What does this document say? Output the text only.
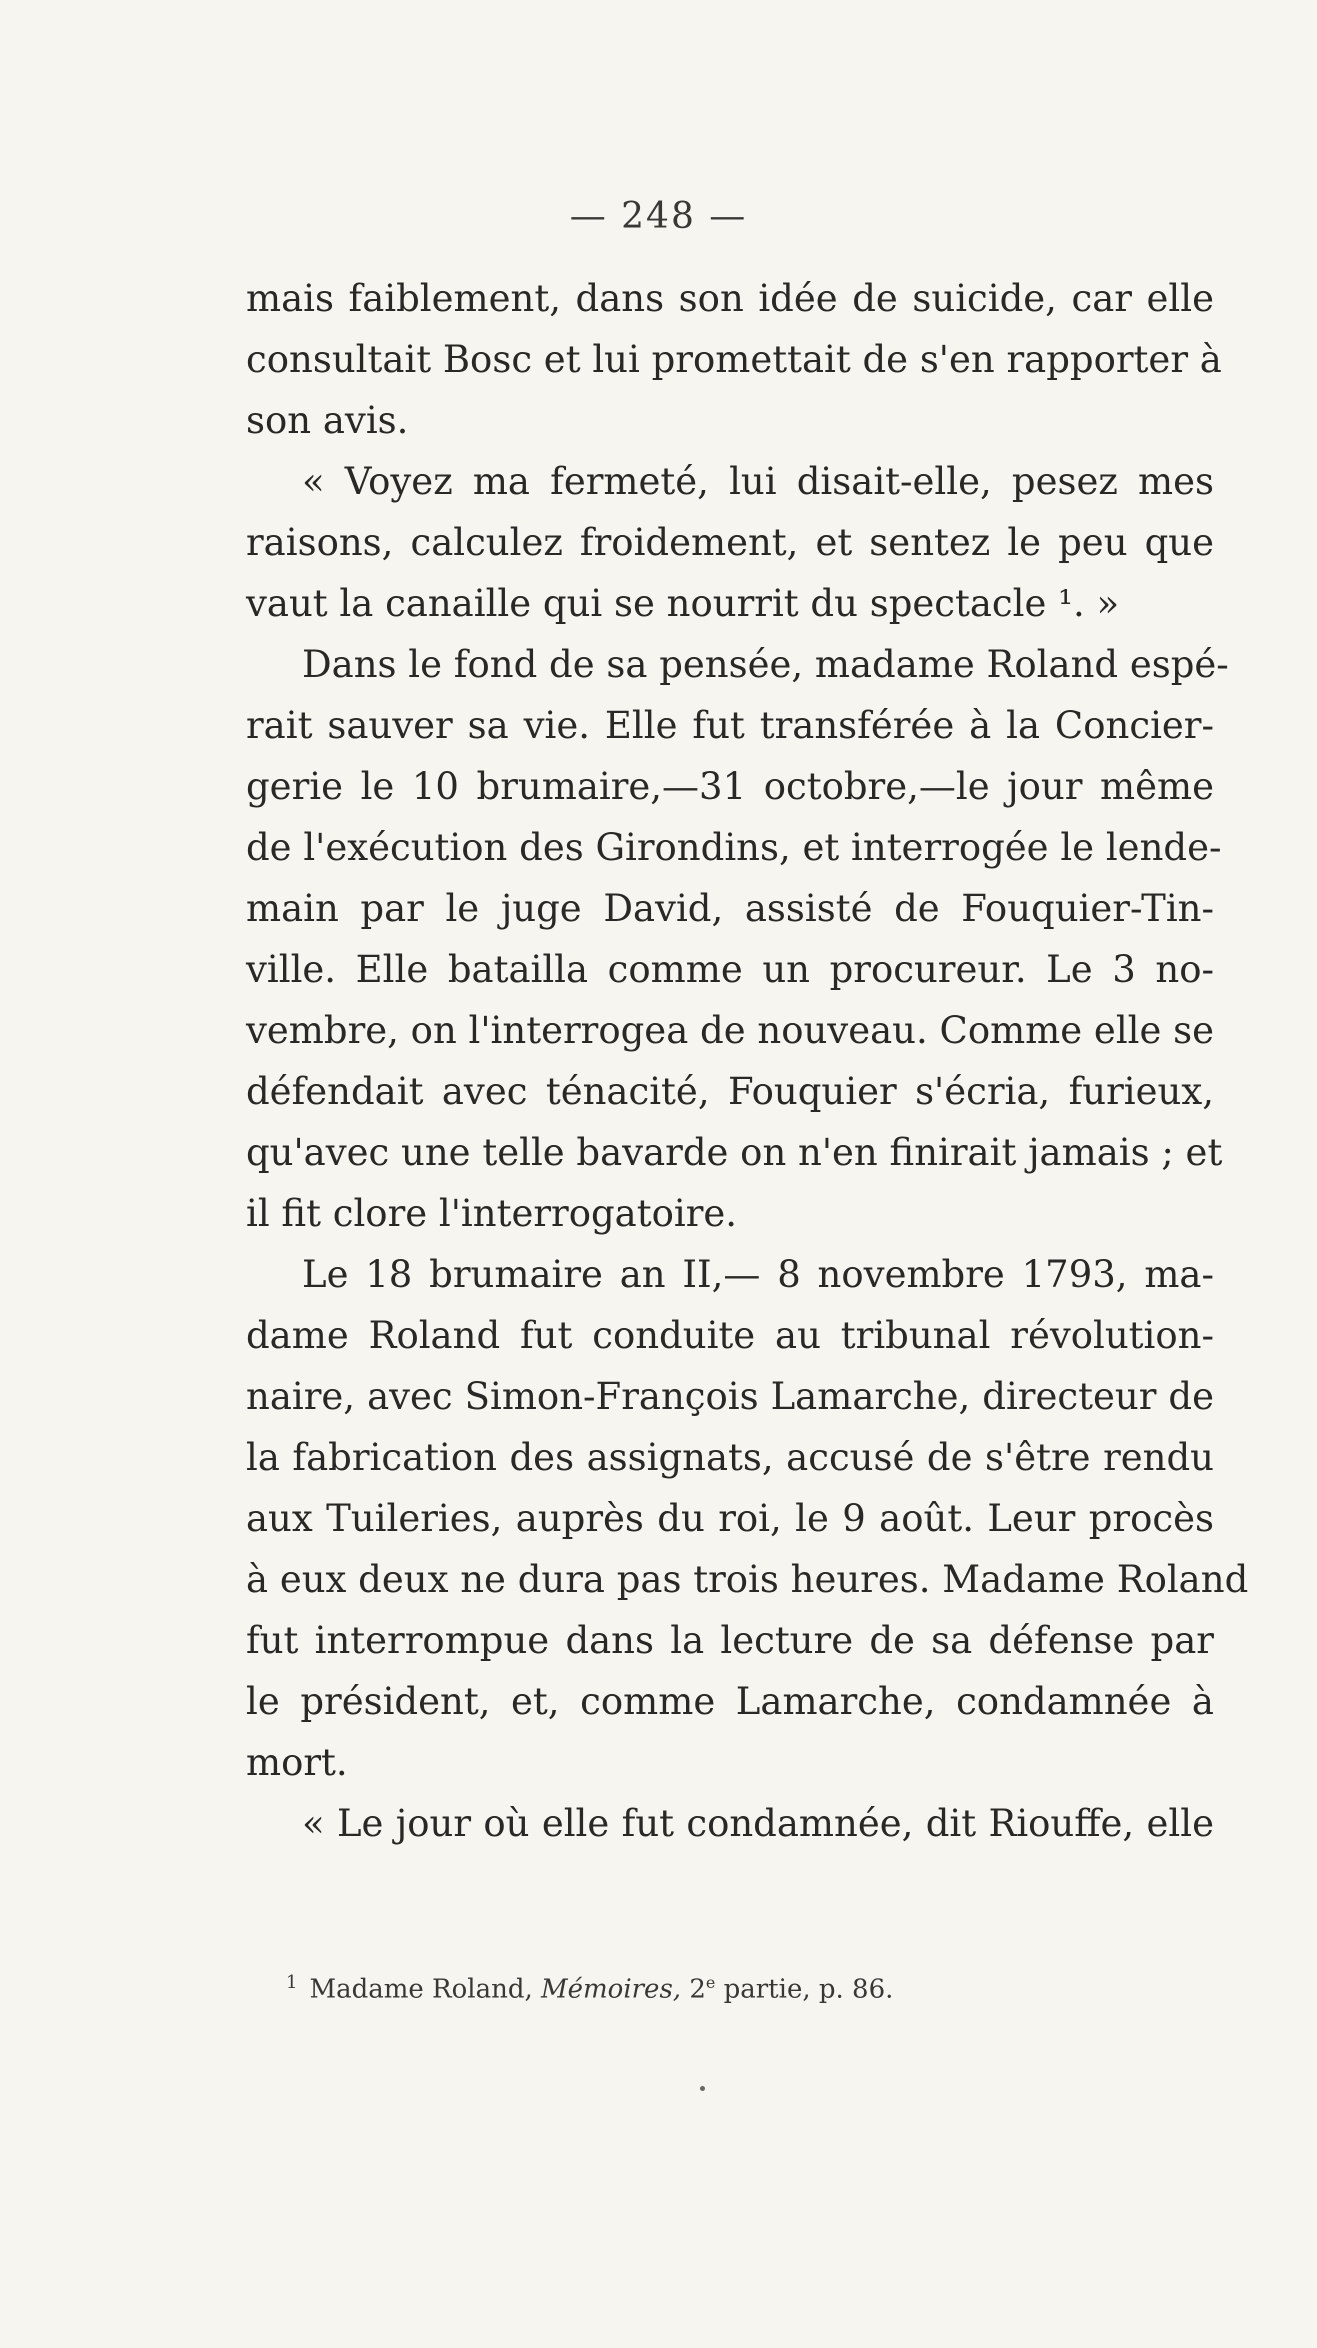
— 248 —
mais faiblement, dans son idée de suicide, car elle
consultait Bosc et lui promettait de s'en rapporter à
son avis.
« Voyez ma fermeté, lui disait-elle, pesez mes
raisons, calculez froidement, et sentez le peu que
vaut la canaille qui se nourrit du spectacle ¹. »
Dans le fond de sa pensée, madame Roland espé-
rait sauver sa vie. Elle fut transférée à la Concier-
gerie le 10 brumaire,—31 octobre,—le jour même
de l'exécution des Girondins, et interrogée le lende-
main par le juge David, assisté de Fouquier-Tin-
ville. Elle batailla comme un procureur. Le 3 no-
vembre, on l'interrogea de nouveau. Comme elle se
défendait avec ténacité, Fouquier s'écria, furieux,
qu'avec une telle bavarde on n'en finirait jamais ; et
il fit clore l'interrogatoire.
Le 18 brumaire an II,— 8 novembre 1793, ma-
dame Roland fut conduite au tribunal révolution-
naire, avec Simon-François Lamarche, directeur de
la fabrication des assignats, accusé de s'être rendu
aux Tuileries, auprès du roi, le 9 août. Leur procès
à eux deux ne dura pas trois heures. Madame Roland
fut interrompue dans la lecture de sa défense par
le président, et, comme Lamarche, condamnée à
mort.
« Le jour où elle fut condamnée, dit Riouffe, elle
$^1$ Madame Roland, Mémoires, 2e partie, p. 86.
